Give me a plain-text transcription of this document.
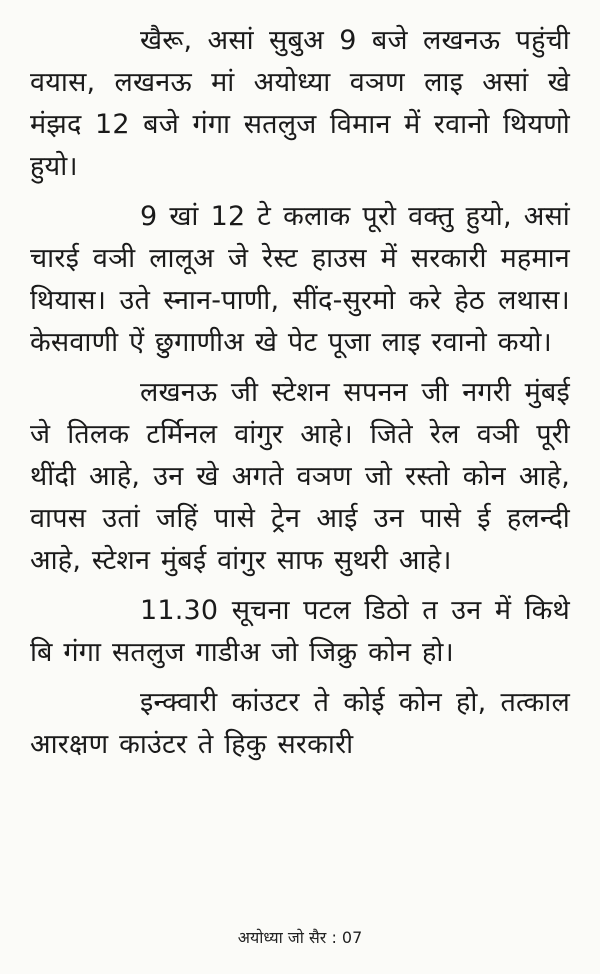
खैरू, असां सुबुअ 9 बजे लखनऊ पहुंची वयास, लखनऊ मां अयोध्या वञण लाइ असां खे मंझद 12 बजे गंगा सतलुज विमान में रवानो थियणो हुयो।

9 खां 12 टे कलाक पूरो वक्तु हुयो, असां चारई वञी लालूअ जे रेस्ट हाउस में सरकारी महमान थियास। उते स्नान-पाणी, सींद-सुरमो करे हेठ लथास। केसवाणी ऐं छुगाणीअ खे पेट पूजा लाइ रवानो कयो।

लखनऊ जी स्टेशन सपनन जी नगरी मुंबई जे तिलक टर्मिनल वांगुर आहे। जिते रेल वञी पूरी थींदी आहे, उन खे अगते वञण जो रस्तो कोन आहे, वापस उतां जहिं पासे ट्रेन आई उन पासे ई हलन्दी आहे, स्टेशन मुंबई वांगुर साफ सुथरी आहे।

11.30 सूचना पटल डिठो त उन में किथे बि गंगा सतलुज गाडीअ जो जिक्रु कोन हो।

इन्क्वारी कांउटर ते कोई कोन हो, तत्काल आरक्षण काउंटर ते हिकु सरकारी

अयोध्या जो सैर : 07
